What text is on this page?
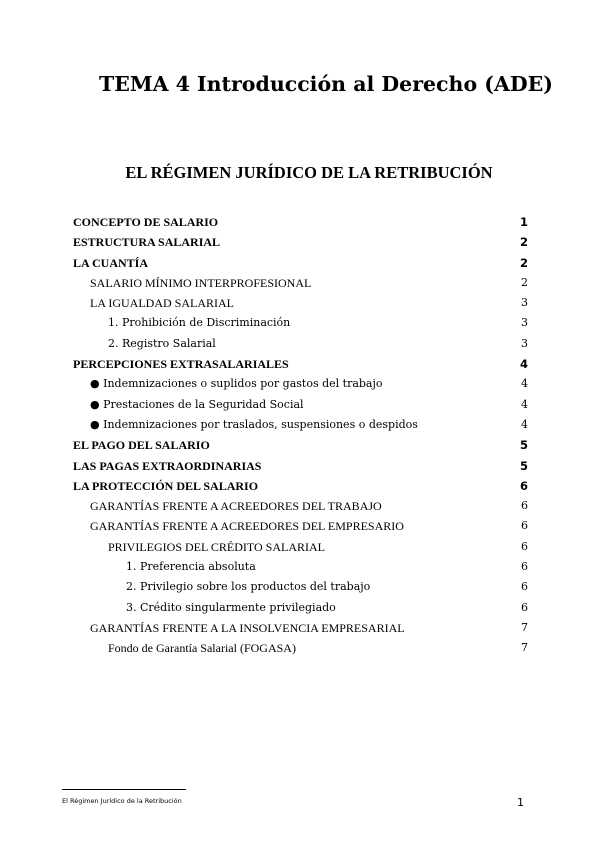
TEMA 4 Introducción al Derecho (ADE)
EL RÉGIMEN JURÍDICO DE LA RETRIBUCIÓN
CONCEPTO DE SALARIO	1
ESTRUCTURA SALARIAL	2
LA CUANTÍA	2
SALARIO MÍNIMO INTERPROFESIONAL	2
LA IGUALDAD SALARIAL	3
1. Prohibición de Discriminación	3
2. Registro Salarial	3
PERCEPCIONES EXTRASALARIALES	4
● Indemnizaciones o suplidos por gastos del trabajo	4
● Prestaciones de la Seguridad Social	4
● Indemnizaciones por traslados, suspensiones o despidos	4
EL PAGO DEL SALARIO	5
LAS PAGAS EXTRAORDINARIAS	5
LA PROTECCIÓN DEL SALARIO	6
GARANTÍAS FRENTE A ACREEDORES DEL TRABAJO	6
GARANTÍAS FRENTE A ACREEDORES DEL EMPRESARIO	6
PRIVILEGIOS DEL CRÉDITO SALARIAL	6
1. Preferencia absoluta	6
2. Privilegio sobre los productos del trabajo	6
3. Crédito singularmente privilegiado	6
GARANTÍAS FRENTE A LA INSOLVENCIA EMPRESARIAL	7
Fondo de Garantía Salarial (FOGASA)	7
El Régimen Jurídico de la Retribución	1
